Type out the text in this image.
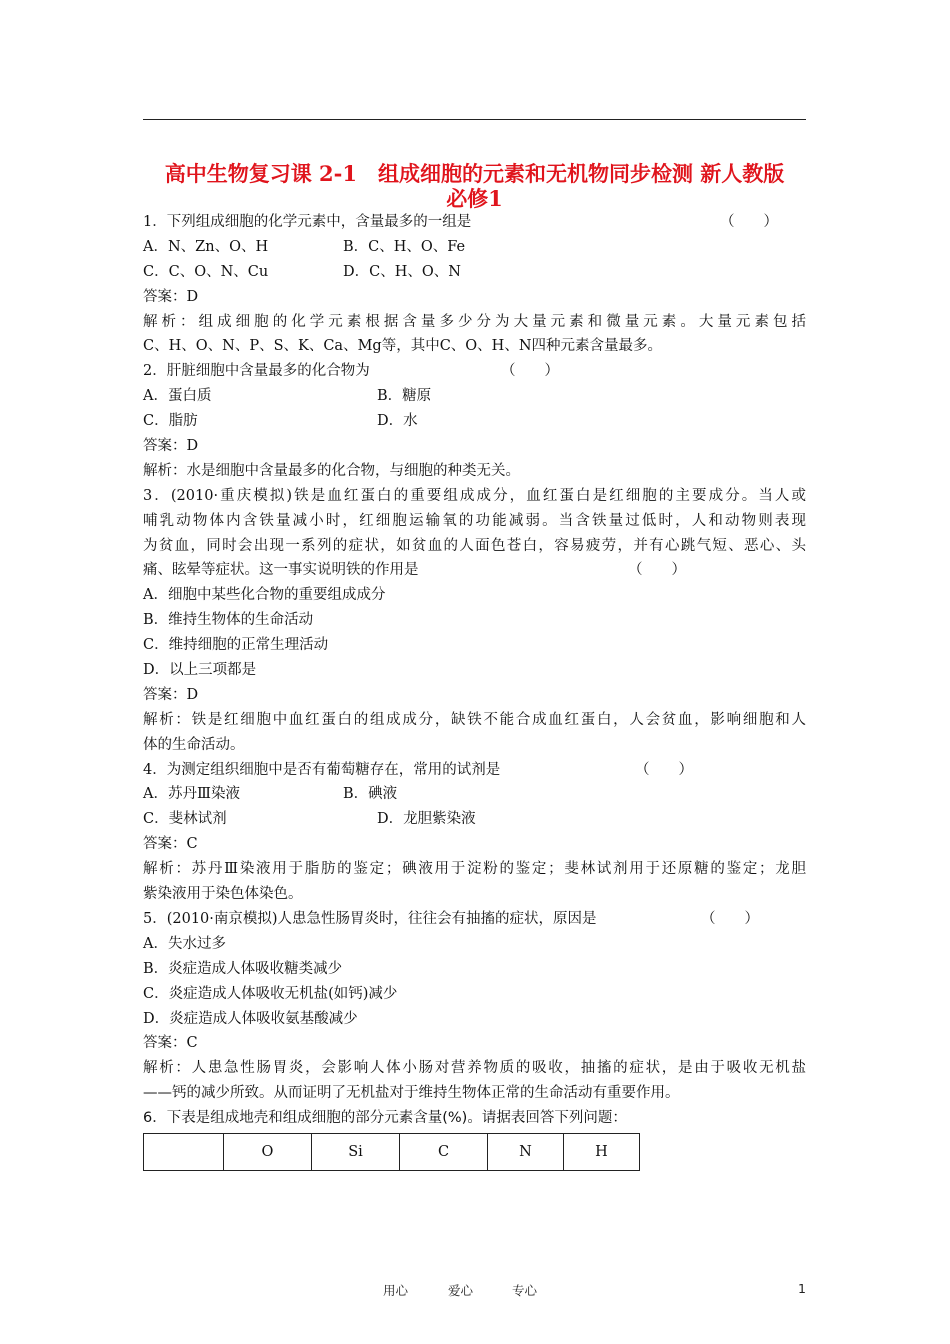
高中生物复习课 2-1　组成细胞的元素和无机物同步检测 新人教版
必修1
1．下列组成细胞的化学元素中，含量最多的一组是	（　　）
A．N、Zn、O、H	B．C、H、O、Fe
C．C、O、N、Cu	D．C、H、O、N
答案：D
解析：组成细胞的化学元素根据含量多少分为大量元素和微量元素。大量元素包括
C、H、O、N、P、S、K、Ca、Mg等，其中C、O、H、N四种元素含量最多。
2．肝脏细胞中含量最多的化合物为	（　　）
A．蛋白质	B．糖原
C．脂肪	D．水
答案：D
解析：水是细胞中含量最多的化合物，与细胞的种类无关。
3．(2010·重庆模拟)铁是血红蛋白的重要组成成分，血红蛋白是红细胞的主要成分。当人或
哺乳动物体内含铁量减小时，红细胞运输氧的功能减弱。当含铁量过低时，人和动物则表现
为贫血，同时会出现一系列的症状，如贫血的人面色苍白，容易疲劳，并有心跳气短、恶心、头
痛、眩晕等症状。这一事实说明铁的作用是	（　　）
A．细胞中某些化合物的重要组成成分
B．维持生物体的生命活动
C．维持细胞的正常生理活动
D．以上三项都是
答案：D
解析：铁是红细胞中血红蛋白的组成成分，缺铁不能合成血红蛋白，人会贫血，影响细胞和人
体的生命活动。
4．为测定组织细胞中是否有葡萄糖存在，常用的试剂是	（　　）
A．苏丹Ⅲ染液	B．碘液
C．斐林试剂	D．龙胆紫染液
答案：C
解析：苏丹Ⅲ染液用于脂肪的鉴定；碘液用于淀粉的鉴定；斐林试剂用于还原糖的鉴定；龙胆
紫染液用于染色体染色。
5．(2010·南京模拟)人患急性肠胃炎时，往往会有抽搐的症状，原因是	（　　）
A．失水过多
B．炎症造成人体吸收糖类减少
C．炎症造成人体吸收无机盐(如钙)减少
D．炎症造成人体吸收氨基酸减少
答案：C
解析：人患急性肠胃炎，会影响人体小肠对营养物质的吸收，抽搐的症状，是由于吸收无机盐
——钙的减少所致。从而证明了无机盐对于维持生物体正常的生命活动有重要作用。
6．下表是组成地壳和组成细胞的部分元素含量(%)。请据表回答下列问题：
	O	Si	C	N	H
用心	爱心	专心	1
